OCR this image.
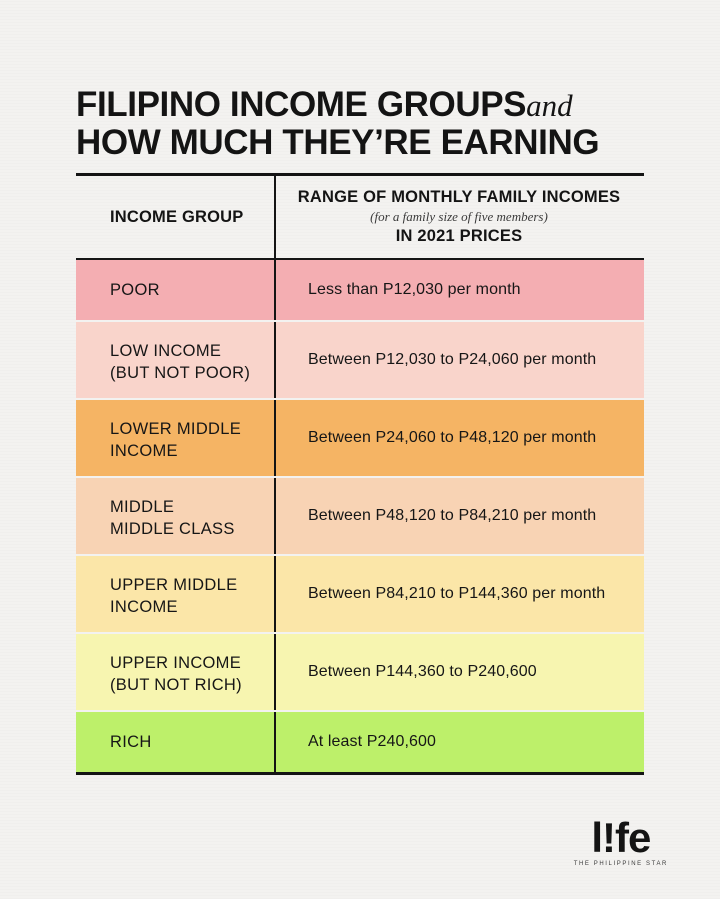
FILIPINO INCOME GROUPSand
HOW MUCH THEY’RE EARNING
INCOME GROUP
RANGE OF MONTHLY FAMILY INCOMES
(for a family size of five members)
IN 2021 PRICES
POOR	Less than P12,030 per month
LOW INCOME
(BUT NOT POOR)
Between P12,030 to P24,060 per month
LOWER MIDDLE
INCOME
Between P24,060 to P48,120 per month
MIDDLE
MIDDLE CLASS
Between P48,120 to P84,210 per month
UPPER MIDDLE
INCOME
Between P84,210 to P144,360 per month
UPPER INCOME
(BUT NOT RICH)
Between P144,360 to P240,600
RICH	At least P240,600
l!fe
THE PHILIPPINE STAR
